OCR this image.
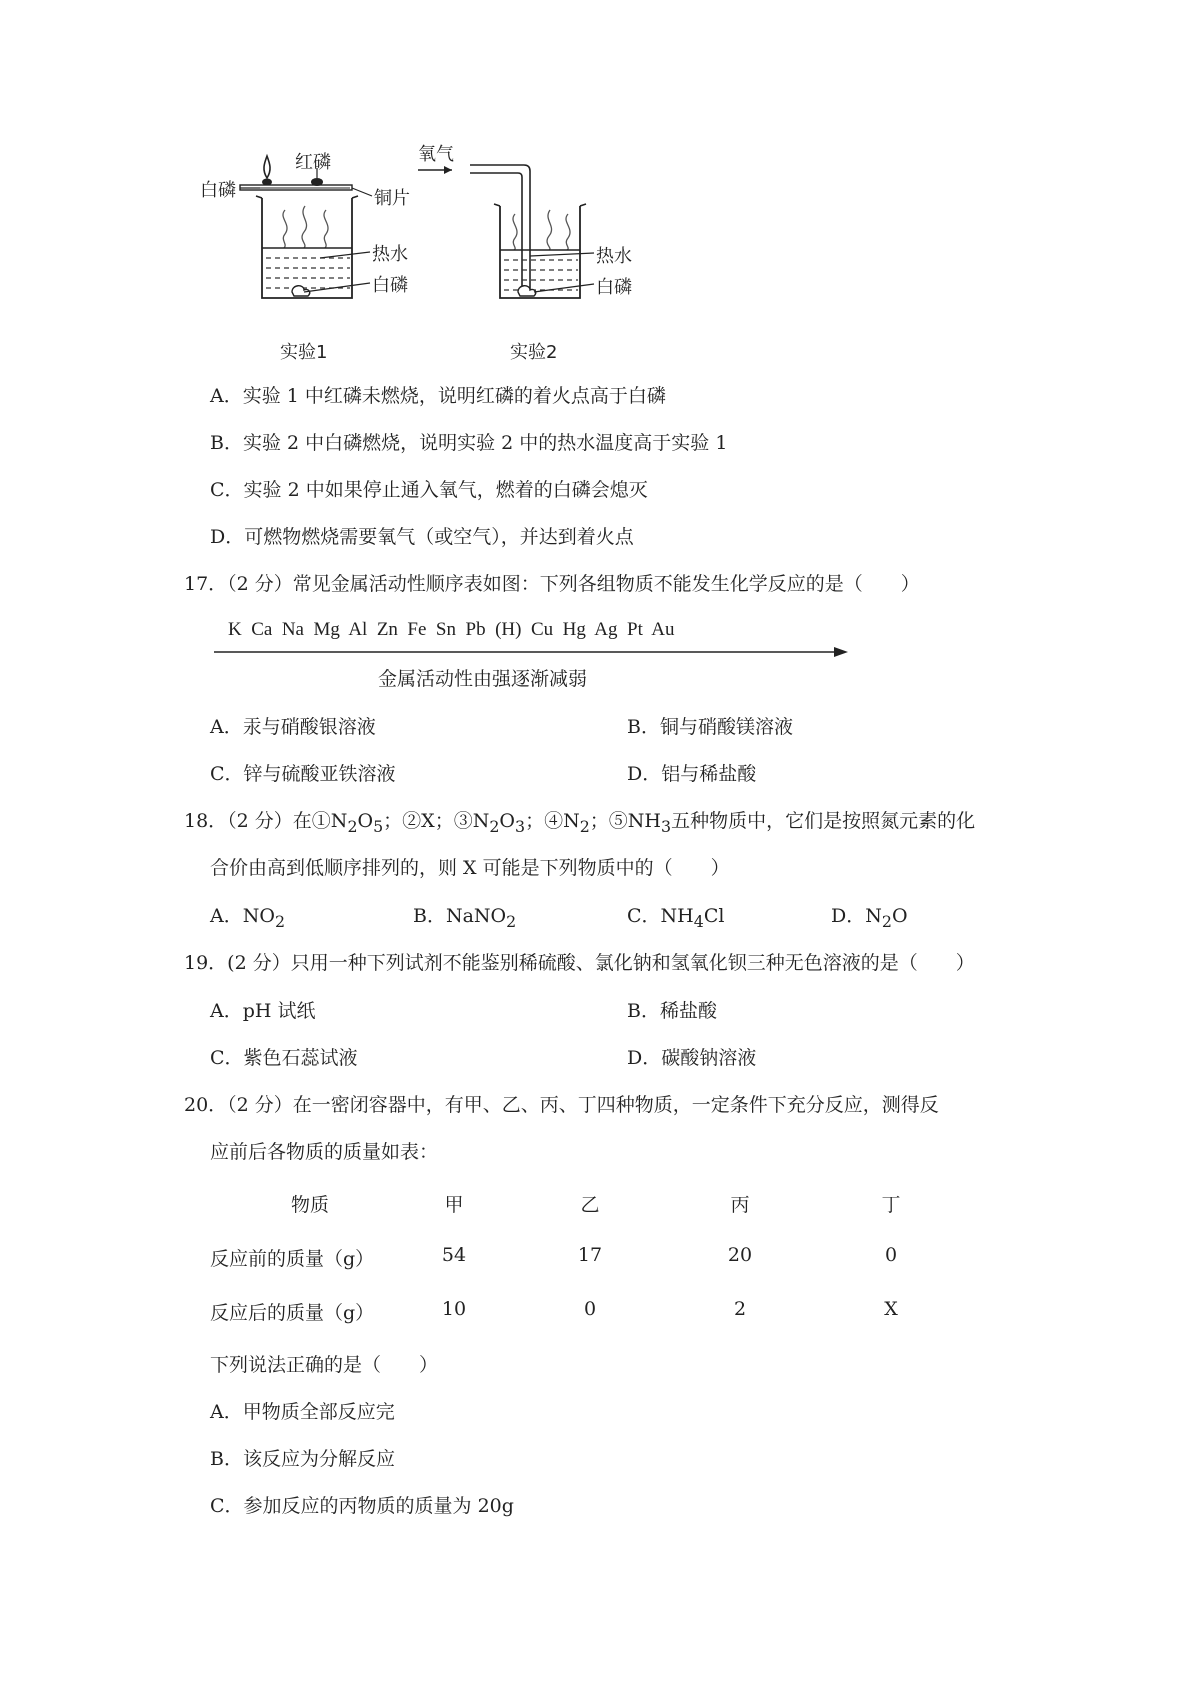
红磷
白磷	铜片
热水
白磷
氧气
热水
白磷
实验1	实验2
A．实验 1 中红磷未燃烧，说明红磷的着火点高于白磷
B．实验 2 中白磷燃烧，说明实验 2 中的热水温度高于实验 1
C．实验 2 中如果停止通入氧气，燃着的白磷会熄灭
D．可燃物燃烧需要氧气（或空气），并达到着火点
17．（2 分）常见金属活动性顺序表如图：下列各组物质不能发生化学反应的是（　　）
K  Ca  Na  Mg  Al  Zn  Fe  Sn  Pb  (H)  Cu  Hg  Ag  Pt  Au
金属活动性由强逐渐减弱
A．汞与硝酸银溶液	B．铜与硝酸镁溶液
C．锌与硫酸亚铁溶液	D．铝与稀盐酸
18．（2 分）在$①N_2O_5$；②X；$③N_2O_3$；$④N_2$；$⑤NH_3$五种物质中，它们是按照氮元素的化
合价由高到低顺序排列的，则 X 可能是下列物质中的（　　）
A．$NO_2$	B．NaNO$_2$	C．$NH_4Cl$	D．$N_2O$
19．(2 分）只用一种下列试剂不能鉴别稀硫酸、氯化钠和氢氧化钡三种无色溶液的是（　　）
A．pH 试纸	B．稀盐酸
C．紫色石蕊试液	D．碳酸钠溶液
20．（2 分）在一密闭容器中，有甲、乙、丙、丁四种物质，一定条件下充分反应，测得反
应前后各物质的质量如表：
物质	甲	乙	丙	丁
反应前的质量（g）	54	17	20	0
反应后的质量（g）	10	0	2	X
下列说法正确的是（　　）
A．甲物质全部反应完
B．该反应为分解反应
C．参加反应的丙物质的质量为 20g
